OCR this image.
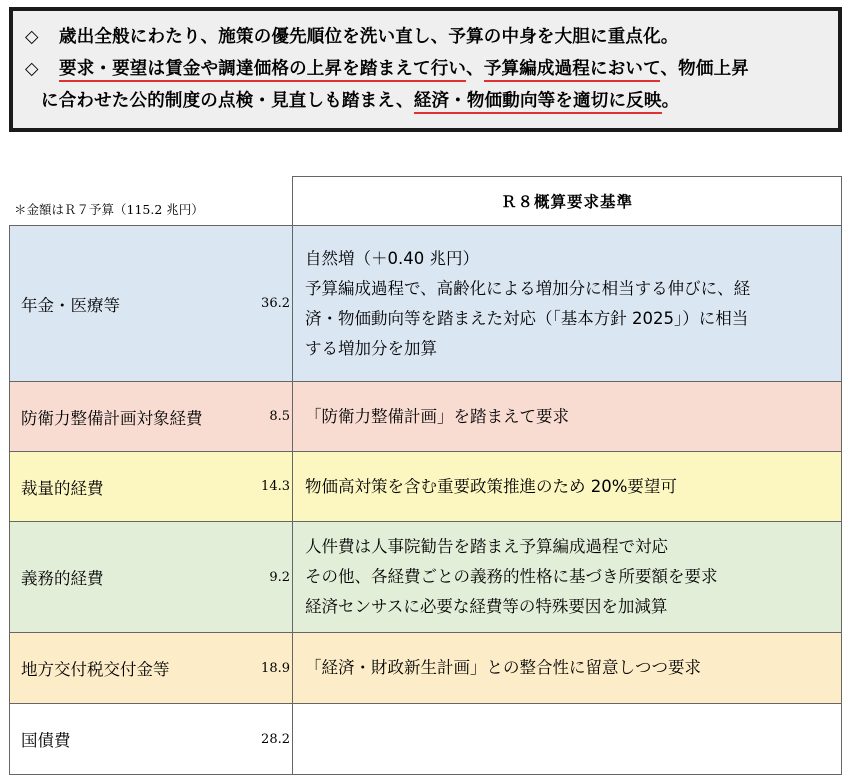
◇ 歳出全般にわたり、施策の優先順位を洗い直し、予算の中身を大胆に重点化。
◇ 要求・要望は賃金や調達価格の上昇を踏まえて行い、予算編成過程において、物価上昇
に合わせた公的制度の点検・見直しも踏まえ、経済・物価動向等を適切に反映。
＊金額はＲ７予算（115.2 兆円）	Ｒ８概算要求基準
年金・医療等	36.2
自然増（＋0.40 兆円）
予算編成過程で、高齢化による増加分に相当する伸びに、経
済・物価動向等を踏まえた対応（「基本方針 2025」）に相当
する増加分を加算
防衛力整備計画対象経費	8.5 「防衛力整備計画」を踏まえて要求
裁量的経費	14.3 物価高対策を含む重要政策推進のため 20%要望可
義務的経費	9.2
人件費は人事院勧告を踏まえ予算編成過程で対応
その他、各経費ごとの義務的性格に基づき所要額を要求
経済センサスに必要な経費等の特殊要因を加減算
地方交付税交付金等	18.9 「経済・財政新生計画」との整合性に留意しつつ要求
国債費	28.2
